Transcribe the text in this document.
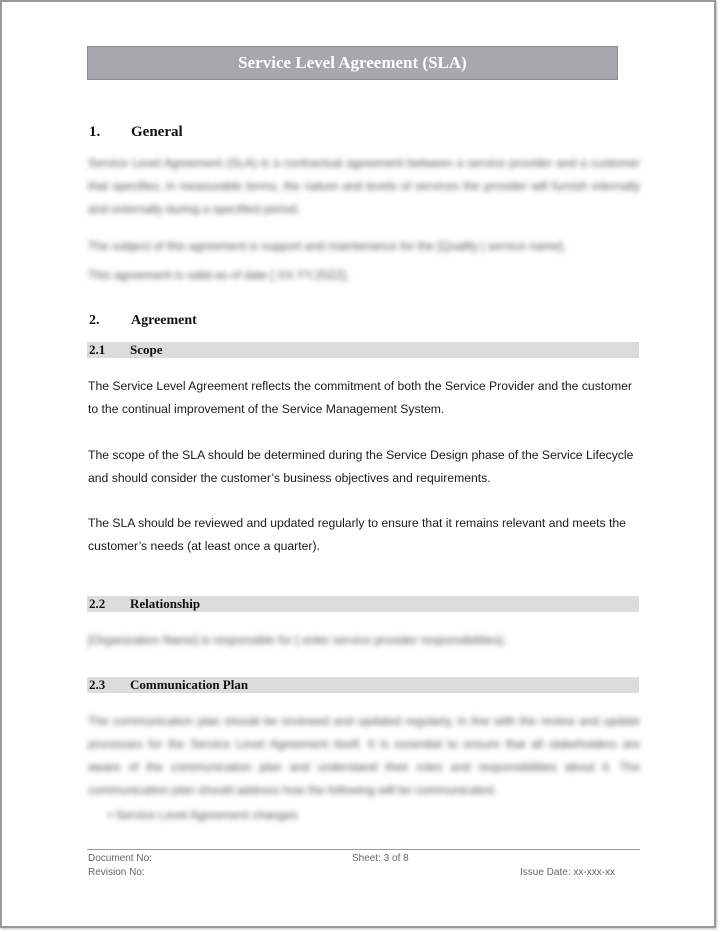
Service Level Agreement (SLA)
1. General
Service Level Agreement (SLA) is a contractual agreement between a service provider and a customer that specifies, in measurable terms, the nature and levels of services the provider will furnish internally and externally during a specified period.
The subject of this agreement is support and maintenance for the [Quality | service name].
This agreement is valid as of date [ XX.YY.20ZZ].
2. Agreement
2.1	Scope
The Service Level Agreement reflects the commitment of both the Service Provider and the customer to the continual improvement of the Service Management System.
The scope of the SLA should be determined during the Service Design phase of the Service Lifecycle and should consider the customer’s business objectives and requirements.
The SLA should be reviewed and updated regularly to ensure that it remains relevant and meets the customer’s needs (at least once a quarter).
2.2	Relationship
[Organization Name] is responsible for [ enter service provider responsibilities].
2.3	Communication Plan
The communication plan should be reviewed and updated regularly, in line with the review and update processes for the Service Level Agreement itself. It is essential to ensure that all stakeholders are aware of the communication plan and understand their roles and responsibilities about it. The communication plan should address how the following will be communicated:
• Service Level Agreement changes
Document No:
Revision No:
Sheet: 3 of 8
Issue Date: xx-xxx-xx
